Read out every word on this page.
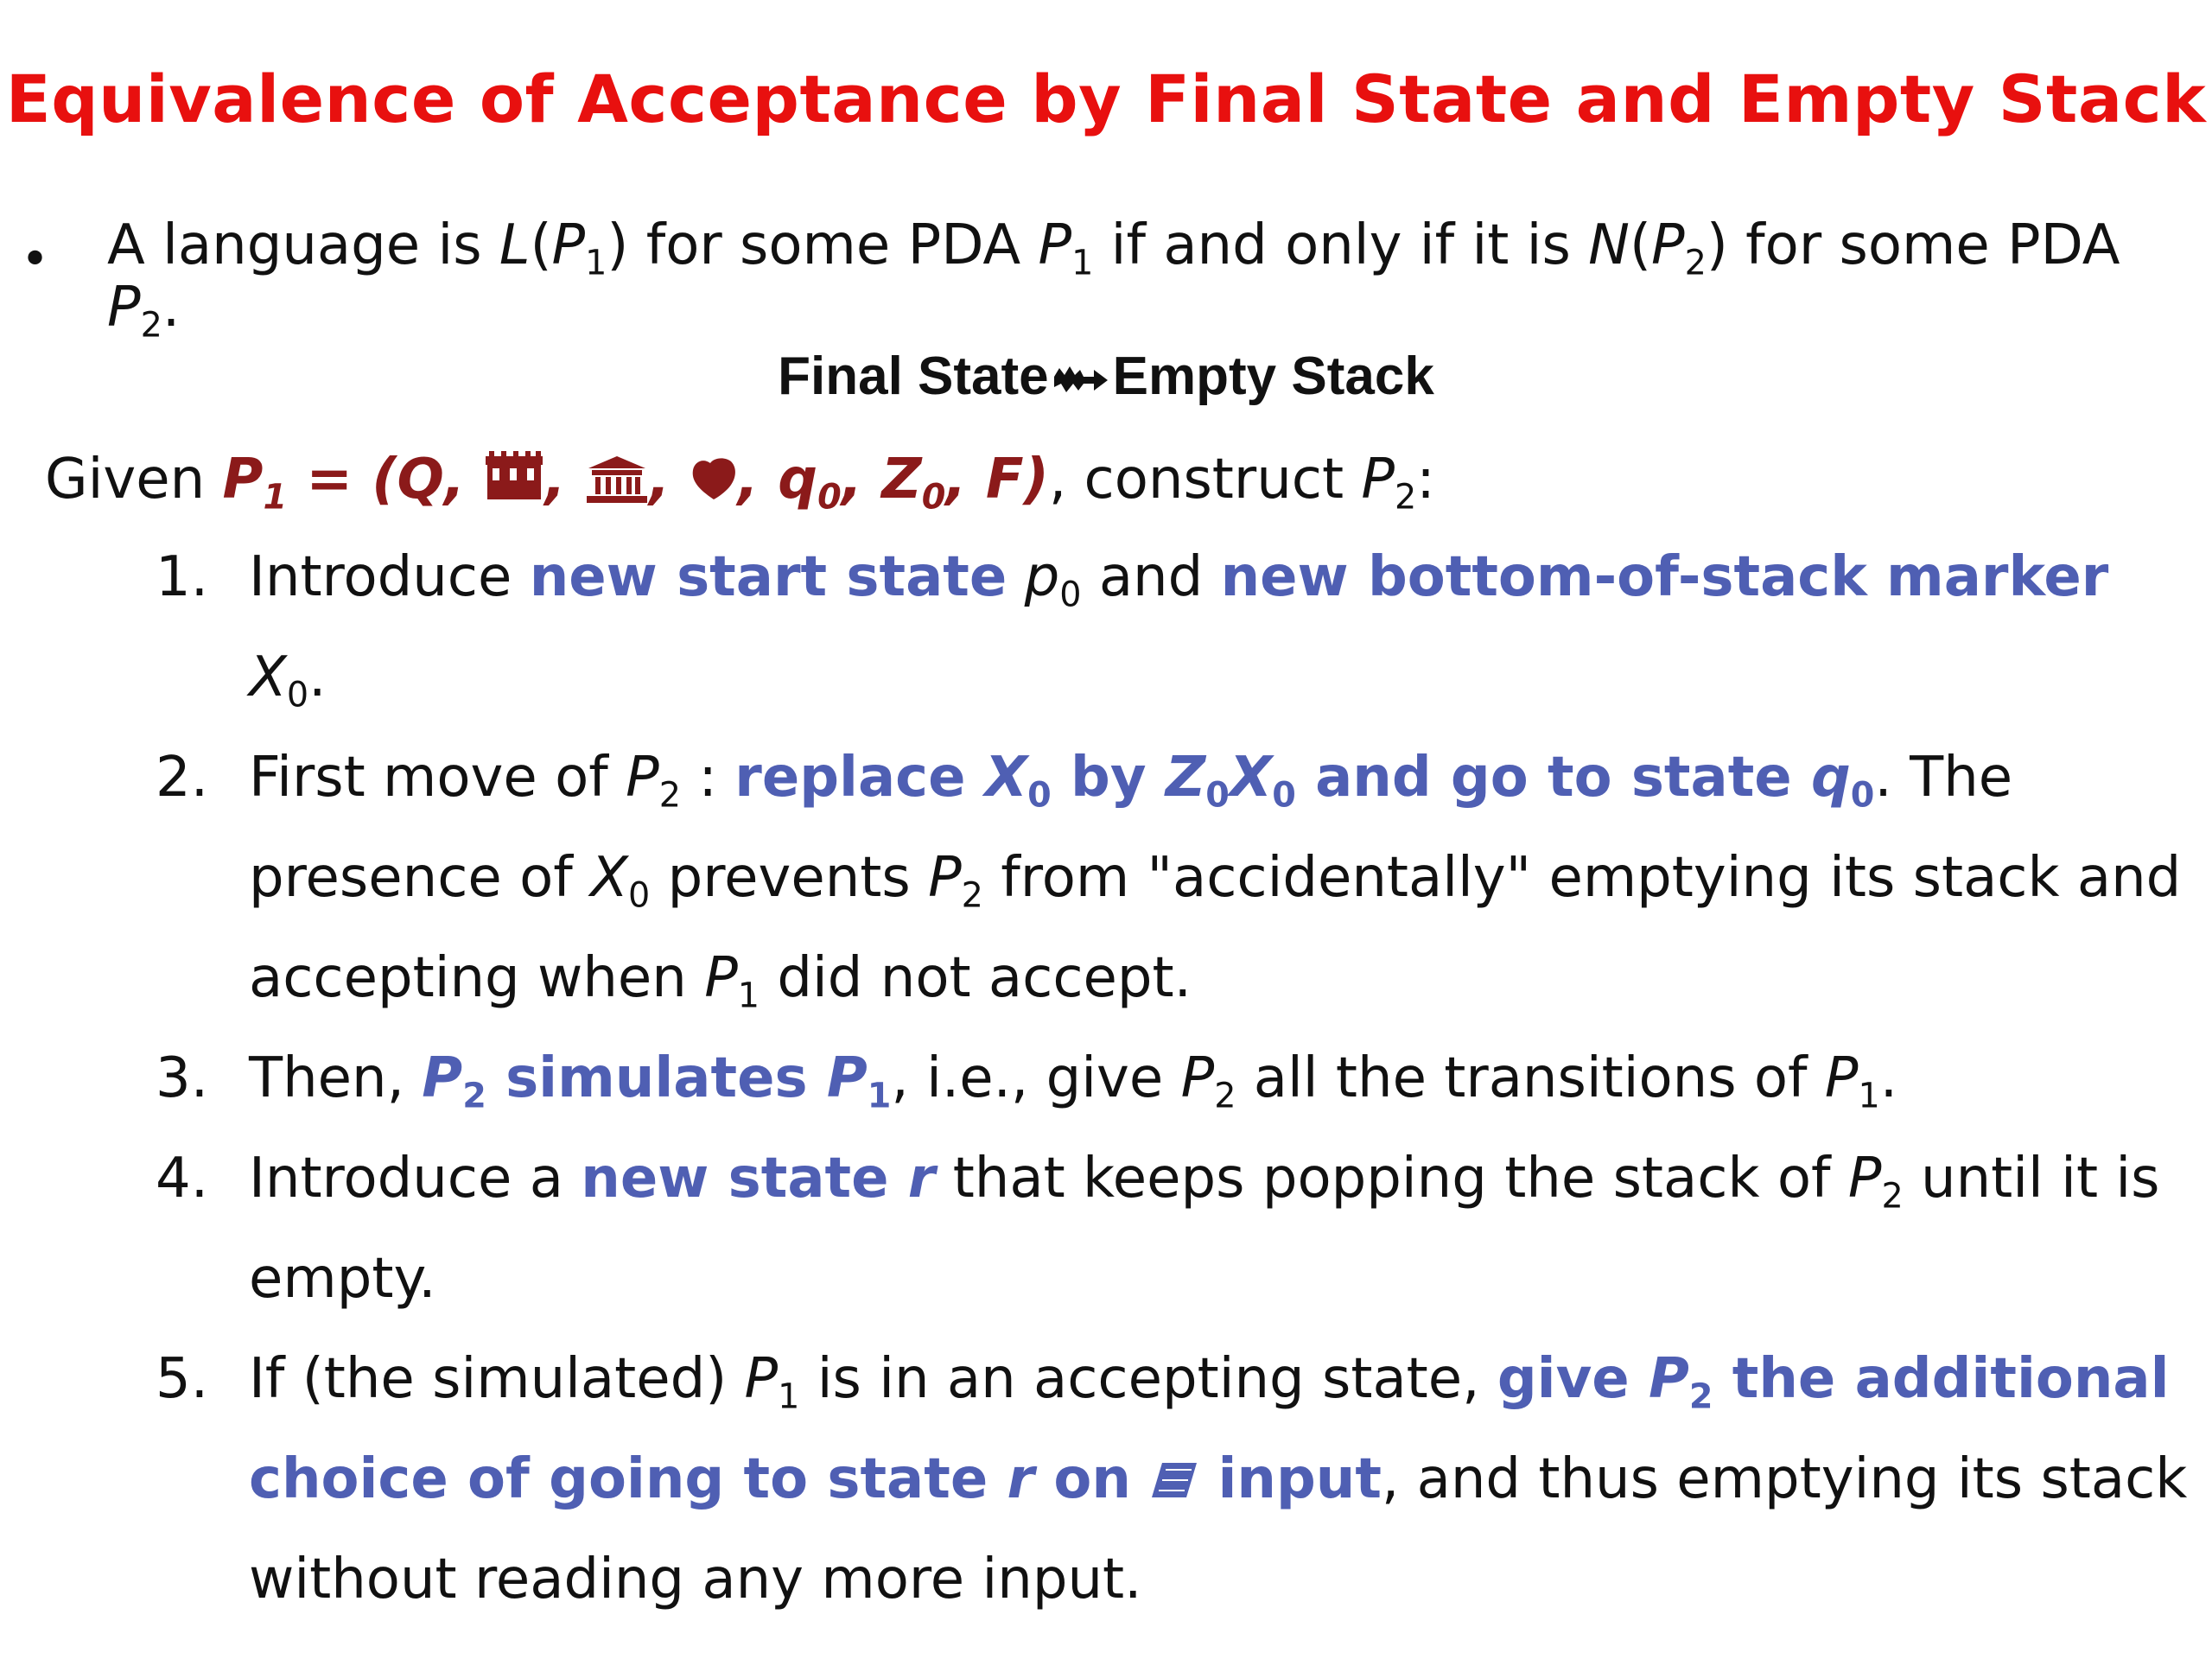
Equivalence of Acceptance by Final State and Empty Stack
• A language is $L(P_1)$ for some PDA $P_1$ if and only if it is $N(P_2)$ for some PDA
$P_2$.
Final State Empty Stack
Given $P_1 = (Q$, , , , $q_0$, $Z_0$, F), construct $P_2$:
1. Introduce new start state $p_0$ and new bottom-of-stack marker
$X_0$.
2. First move of $P_2$ : replace $X_0$ by $Z_0X_0$ and go to state $q_0$. The
presence of $X_0$ prevents $P_2$ from "accidentally" emptying its stack and
accepting when $P_1$ did not accept.
3. Then, $P_2$ simulates $P_1$, i.e., give $P_2$ all the transitions of $P_1$.
4. Introduce a new state r that keeps popping the stack of $P_2$ until it is
empty.
5. If (the simulated) $P_1$ is in an accepting state, give $P_2$ the additional
choice of going to state r on  input, and thus emptying its stack
without reading any more input.
